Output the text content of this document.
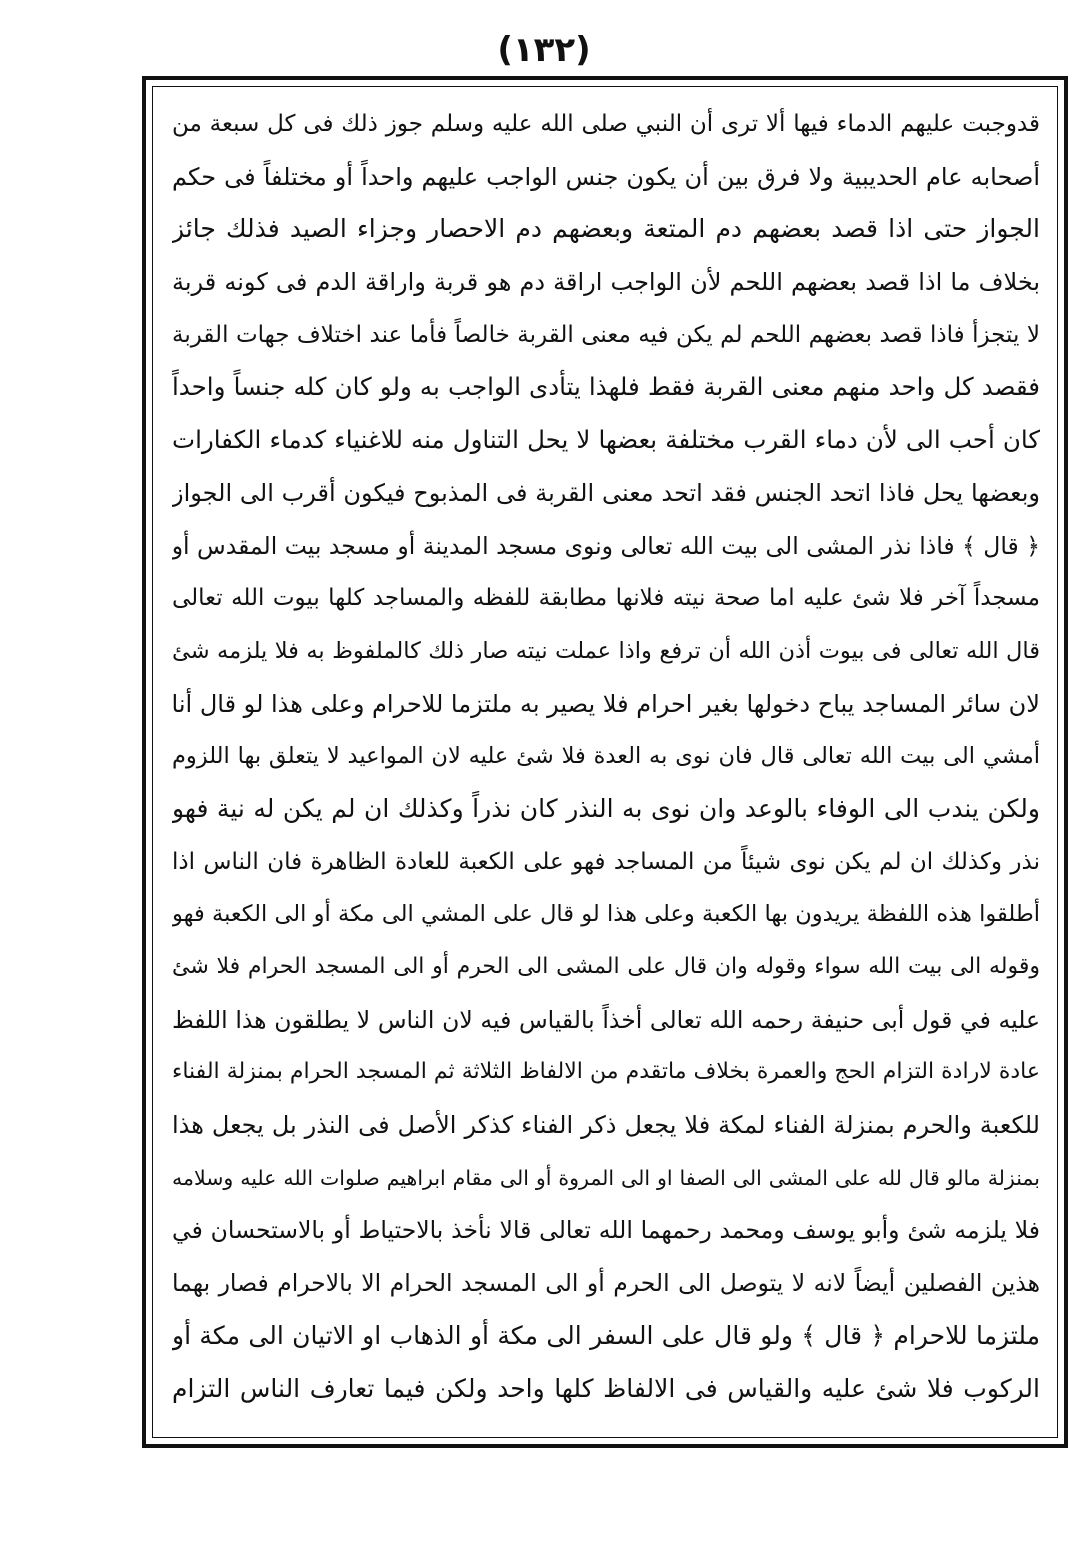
(١٣٢)
قدوجبت عليهم الدماء فيها ألا ترى أن النبي صلى الله عليه وسلم جوز ذلك فى كل سبعة من
أصحابه عام الحديبية ولا فرق بين أن يكون جنس الواجب عليهم واحداً أو مختلفاً فى حكم
الجواز حتى اذا قصد بعضهم دم المتعة وبعضهم دم الاحصار وجزاء الصيد فذلك جائز
بخلاف ما اذا قصد بعضهم اللحم لأن الواجب اراقة دم هو قربة واراقة الدم فى كونه قربة
لا يتجزأ فاذا قصد بعضهم اللحم لم يكن فيه معنى القربة خالصاً فأما عند اختلاف جهات القربة
فقصد كل واحد منهم معنى القربة فقط فلهذا يتأدى الواجب به ولو كان كله جنساً واحداً
كان أحب الى لأن دماء القرب مختلفة بعضها لا يحل التناول منه للاغنياء كدماء الكفارات
وبعضها يحل فاذا اتحد الجنس فقد اتحد معنى القربة فى المذبوح فيكون أقرب الى الجواز
﴿ قال ﴾ فاذا نذر المشى الى بيت الله تعالى ونوى مسجد المدينة أو مسجد بيت المقدس أو
مسجداً آخر فلا شئ عليه اما صحة نيته فلانها مطابقة للفظه والمساجد كلها بيوت الله تعالى
قال الله تعالى فى بيوت أذن الله أن ترفع واذا عملت نيته صار ذلك كالملفوظ به فلا يلزمه شئ
لان سائر المساجد يباح دخولها بغير احرام فلا يصير به ملتزما للاحرام وعلى هذا لو قال أنا
أمشي الى بيت الله تعالى قال فان نوى به العدة فلا شئ عليه لان المواعيد لا يتعلق بها اللزوم
ولكن يندب الى الوفاء بالوعد وان نوى به النذر كان نذراً وكذلك ان لم يكن له نية فهو
نذر وكذلك ان لم يكن نوى شيئاً من المساجد فهو على الكعبة للعادة الظاهرة فان الناس اذا
أطلقوا هذه اللفظة يريدون بها الكعبة وعلى هذا لو قال على المشي الى مكة أو الى الكعبة فهو
وقوله الى بيت الله سواء وقوله وان قال على المشى الى الحرم أو الى المسجد الحرام فلا شئ
عليه في قول أبى حنيفة رحمه الله تعالى أخذاً بالقياس فيه لان الناس لا يطلقون هذا اللفظ
عادة لارادة التزام الحج والعمرة بخلاف ماتقدم من الالفاظ الثلاثة ثم المسجد الحرام بمنزلة الفناء
للكعبة والحرم بمنزلة الفناء لمكة فلا يجعل ذكر الفناء كذكر الأصل فى النذر بل يجعل هذا
بمنزلة مالو قال لله على المشى الى الصفا او الى المروة أو الى مقام ابراهيم صلوات الله عليه وسلامه
فلا يلزمه شئ وأبو يوسف ومحمد رحمهما الله تعالى قالا نأخذ بالاحتياط أو بالاستحسان في
هذين الفصلين أيضاً لانه لا يتوصل الى الحرم أو الى المسجد الحرام الا بالاحرام فصار بهما
ملتزما للاحرام ﴿ قال ﴾ ولو قال على السفر الى مكة أو الذهاب او الاتيان الى مكة أو
الركوب فلا شئ عليه والقياس فى الالفاظ كلها واحد ولكن فيما تعارف الناس التزام
